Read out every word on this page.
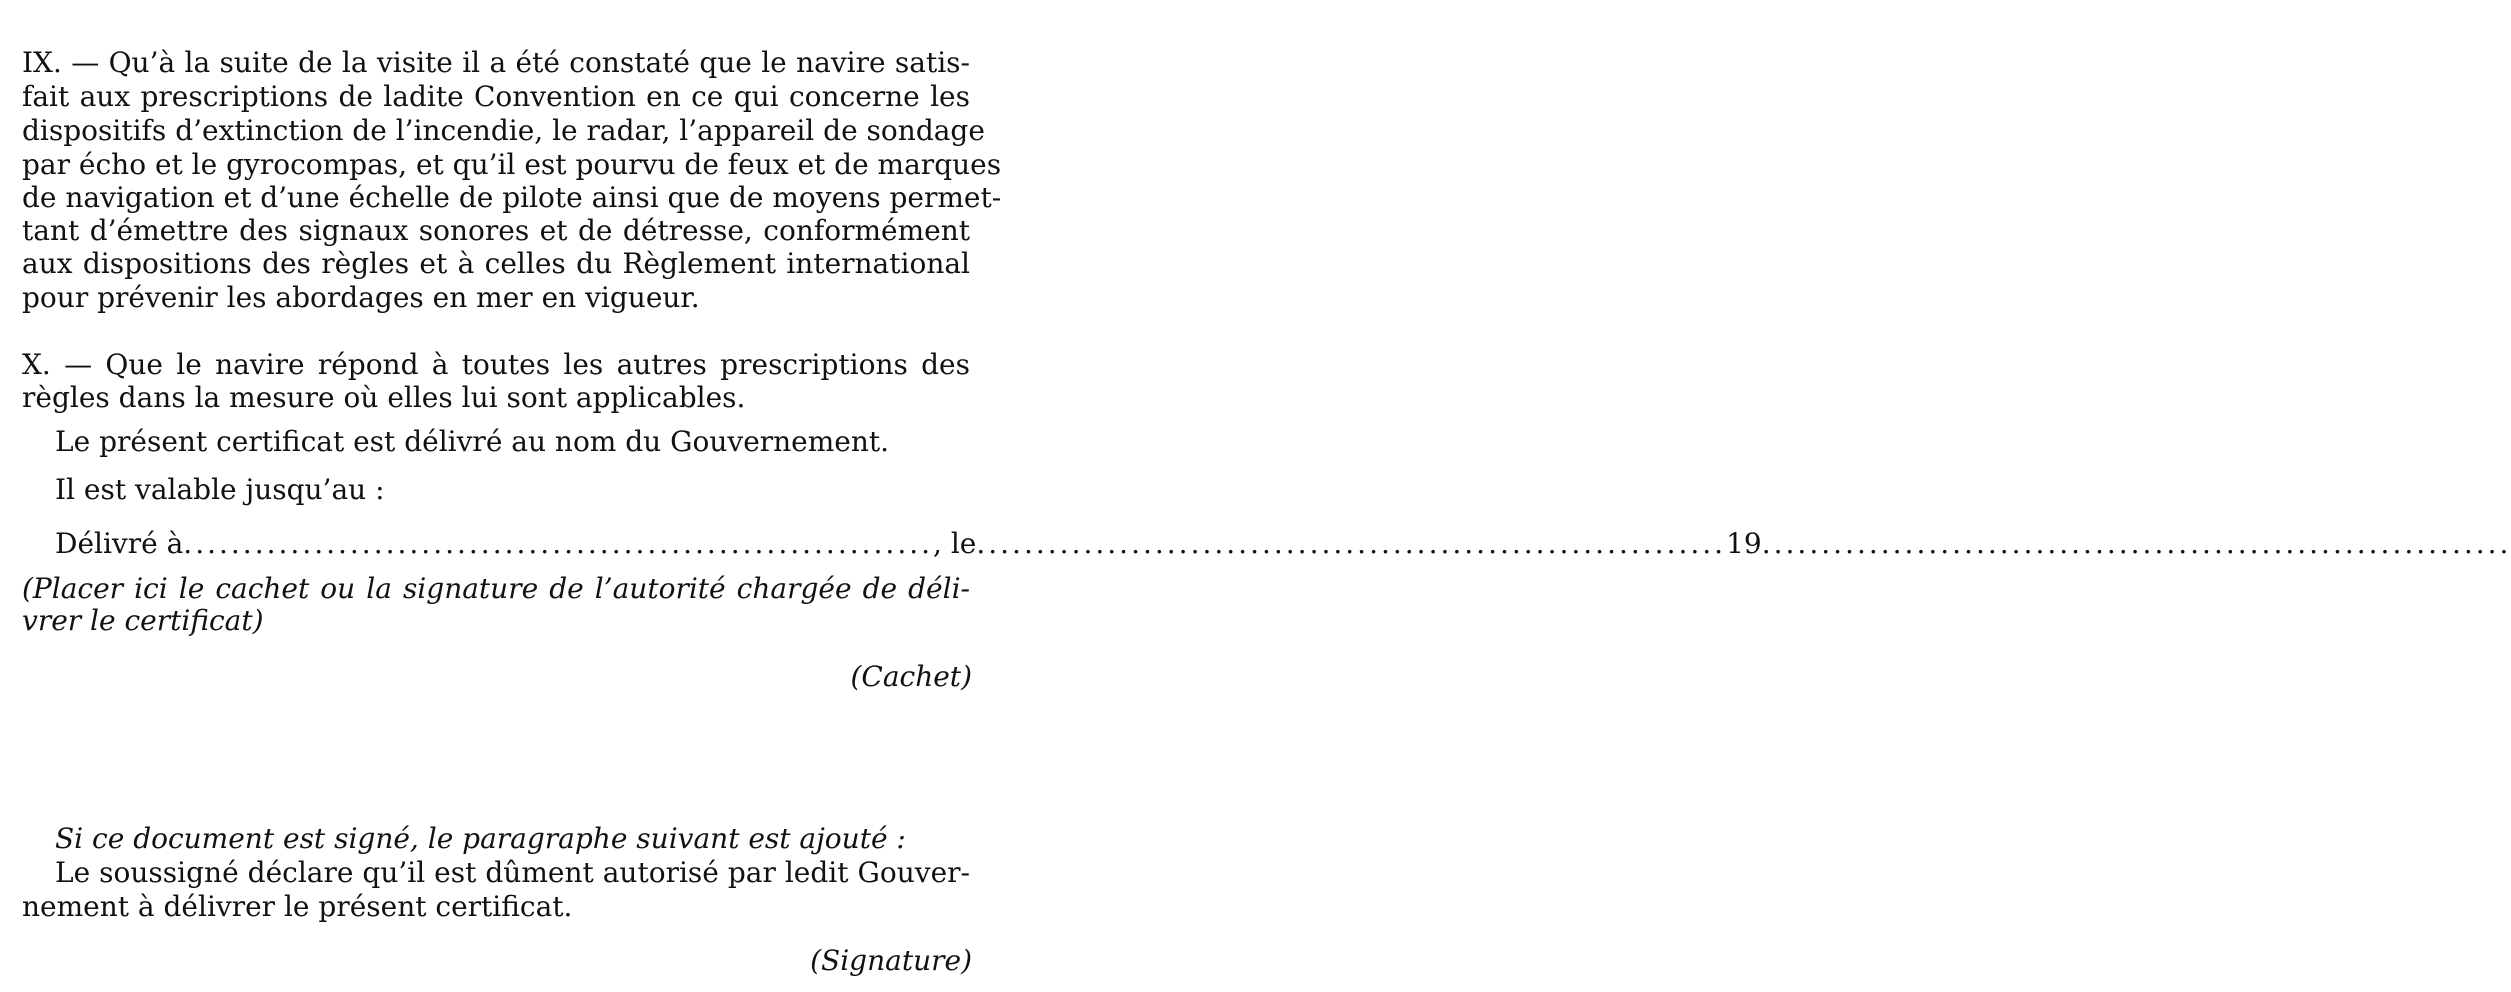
IX. — Qu’à la suite de la visite il a été constaté que le navire satis-
fait aux prescriptions de ladite Convention en ce qui concerne les
dispositifs d’extinction de l’incendie, le radar, l’appareil de sondage
par écho et le gyrocompas, et qu’il est pourvu de feux et de marques
de navigation et d’une échelle de pilote ainsi que de moyens permet-
tant d’émettre des signaux sonores et de détresse, conformément
aux dispositions des règles et à celles du Règlement international
pour prévenir les abordages en mer en vigueur.
X. — Que le navire répond à toutes les autres prescriptions des
règles dans la mesure où elles lui sont applicables.
Le présent certificat est délivré au nom du Gouvernement.
Il est valable jusqu’au :
Délivré à ............................................................... , le ............................................................... 19 ...............................................................
(Placer ici le cachet ou la signature de l’autorité chargée de déli-
vrer le certificat)
(Cachet)
Si ce document est signé, le paragraphe suivant est ajouté :
Le soussigné déclare qu’il est dûment autorisé par ledit Gouver-
nement à délivrer le présent certificat.
(Signature)
